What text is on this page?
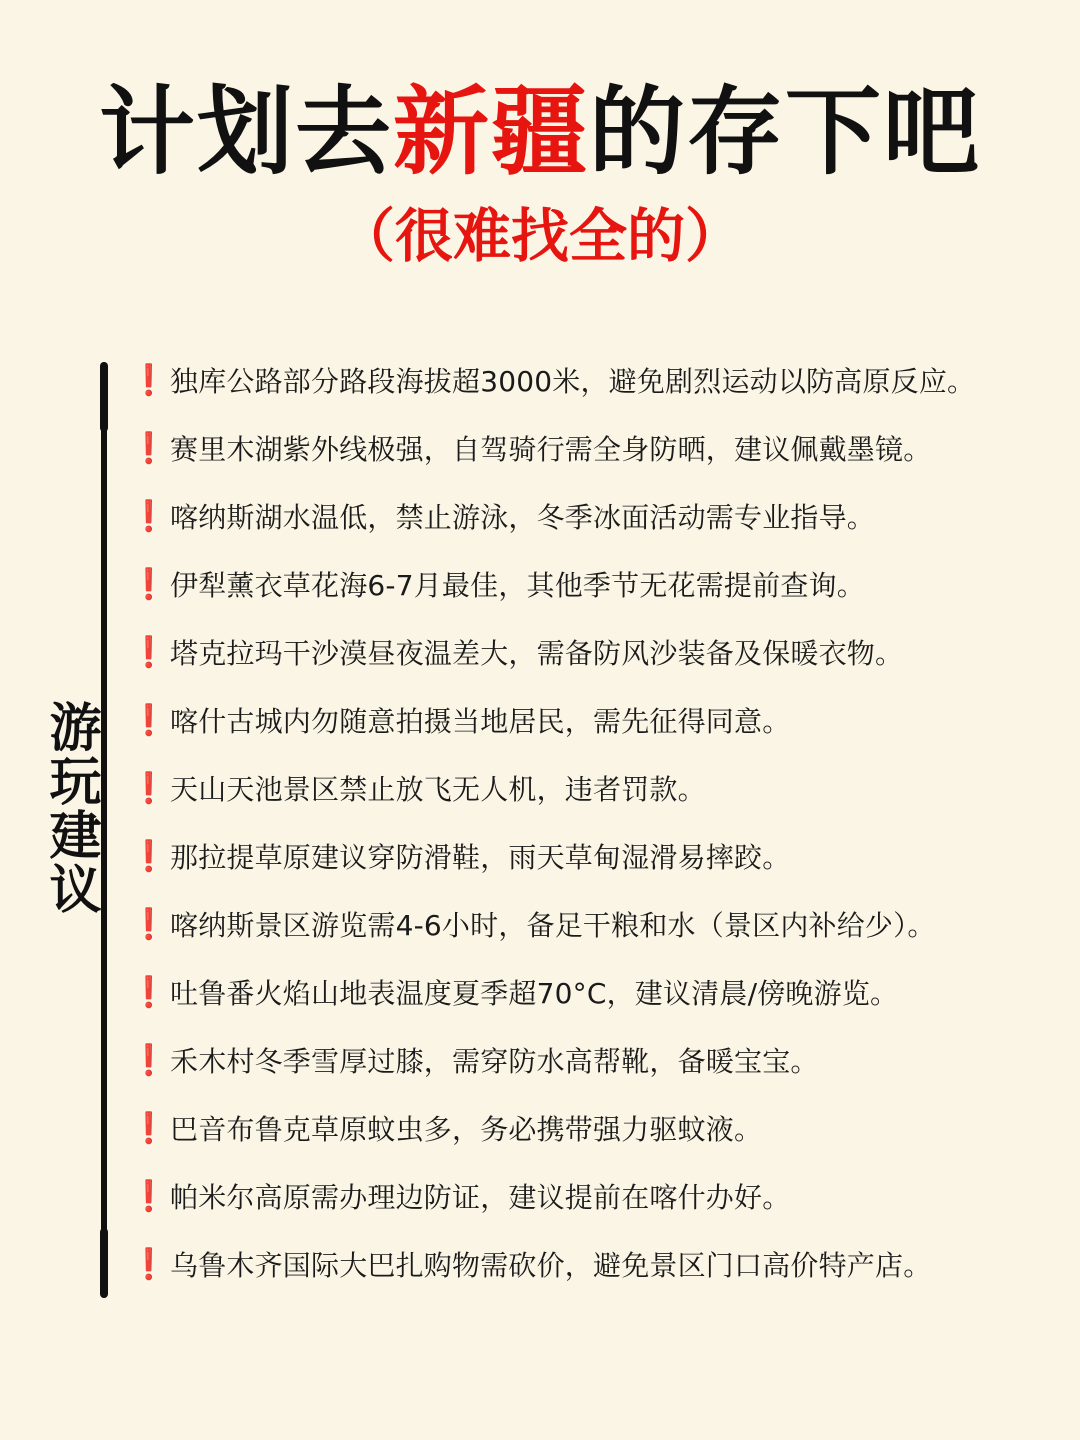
计划去新疆的存下吧
（很难找全的）
游玩建议
❗ 独库公路部分路段海拔超3000米，避免剧烈运动以防高原反应。
❗ 赛里木湖紫外线极强，自驾骑行需全身防晒，建议佩戴墨镜。
❗ 喀纳斯湖水温低，禁止游泳，冬季冰面活动需专业指导。
❗ 伊犁薰衣草花海6-7月最佳，其他季节无花需提前查询。
❗ 塔克拉玛干沙漠昼夜温差大，需备防风沙装备及保暖衣物。
❗ 喀什古城内勿随意拍摄当地居民，需先征得同意。
❗ 天山天池景区禁止放飞无人机，违者罚款。
❗ 那拉提草原建议穿防滑鞋，雨天草甸湿滑易摔跤。
❗ 喀纳斯景区游览需4-6小时，备足干粮和水（景区内补给少）。
❗ 吐鲁番火焰山地表温度夏季超70°C，建议清晨/傍晚游览。
❗ 禾木村冬季雪厚过膝，需穿防水高帮靴，备暖宝宝。
❗ 巴音布鲁克草原蚊虫多，务必携带强力驱蚊液。
❗ 帕米尔高原需办理边防证，建议提前在喀什办好。
❗ 乌鲁木齐国际大巴扎购物需砍价，避免景区门口高价特产店。
